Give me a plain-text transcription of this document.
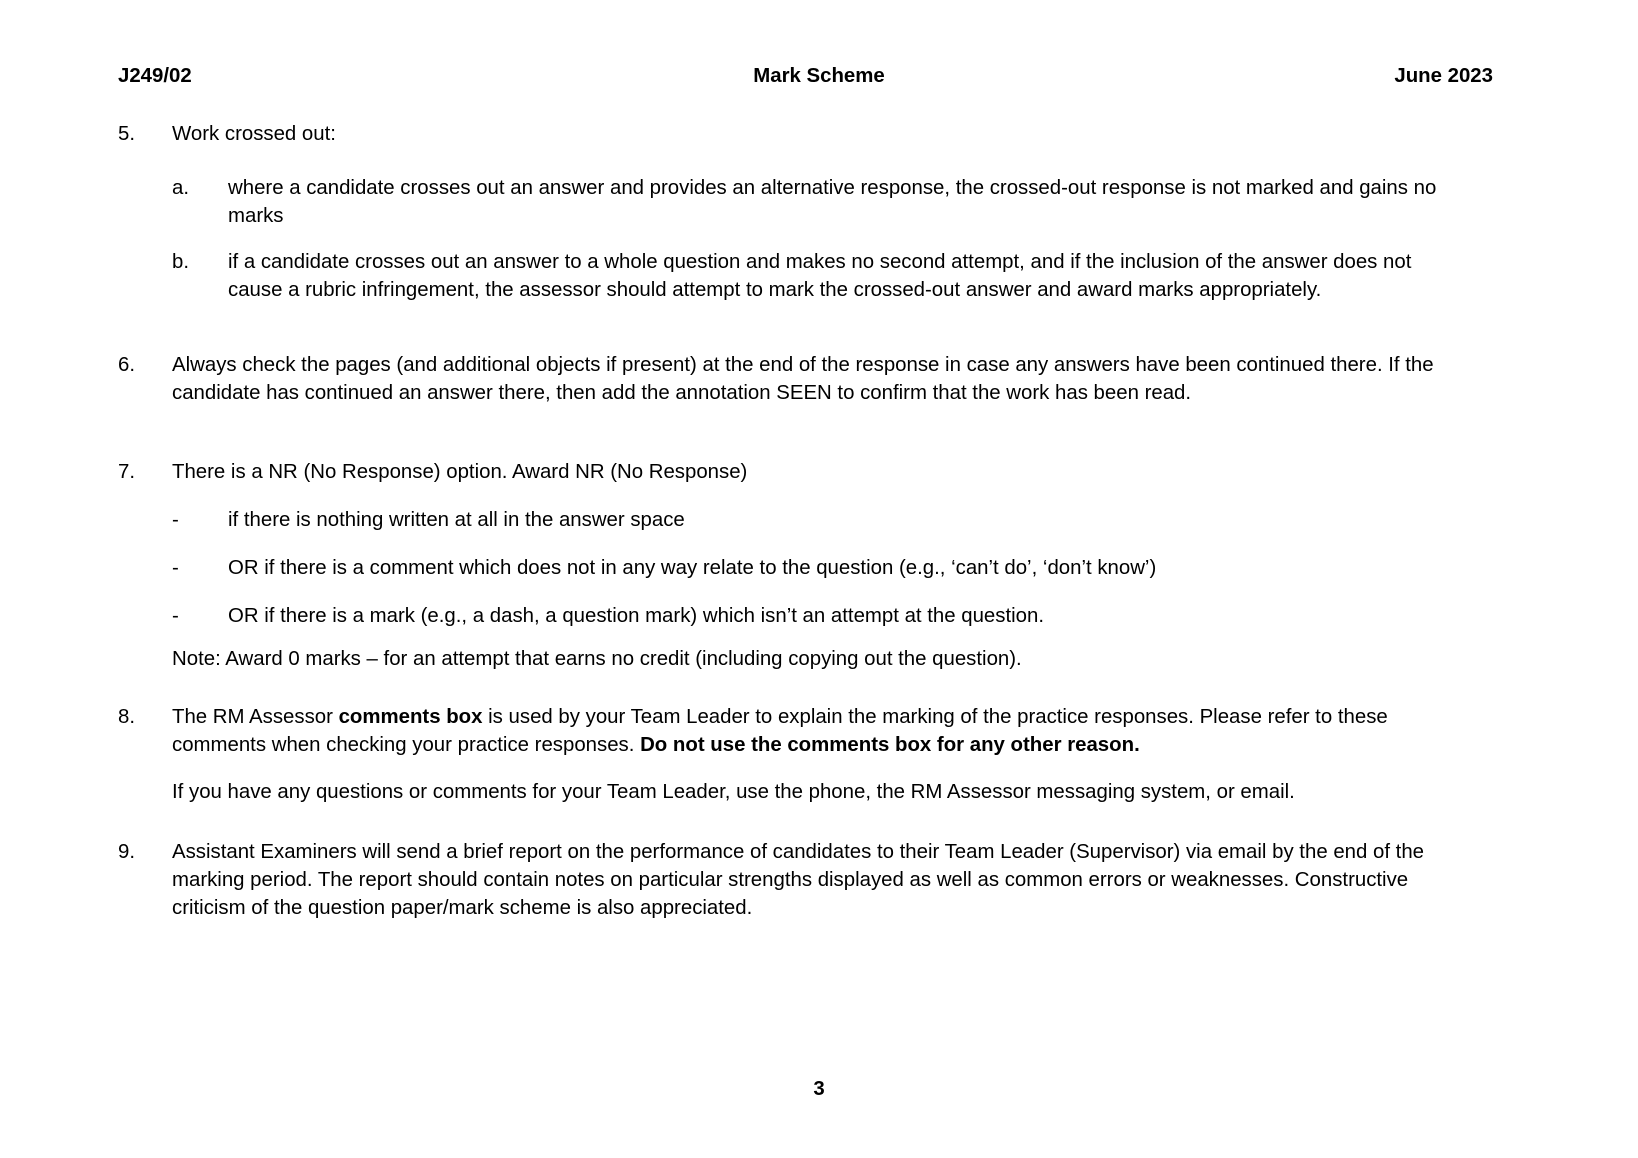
J249/02	June 2023
Mark Scheme
5.	Work crossed out:
a.	where a candidate crosses out an answer and provides an alternative response, the crossed-out response is not marked and gains no marks
b.	if a candidate crosses out an answer to a whole question and makes no second attempt, and if the inclusion of the answer does not cause a rubric infringement, the assessor should attempt to mark the crossed-out answer and award marks appropriately.
6.	Always check the pages (and additional objects if present) at the end of the response in case any answers have been continued there. If the candidate has continued an answer there, then add the annotation SEEN to confirm that the work has been read.
7.	There is a NR (No Response) option. Award NR (No Response)
-	if there is nothing written at all in the answer space
-	OR if there is a comment which does not in any way relate to the question (e.g., ‘can’t do’, ‘don’t know’)
-	OR if there is a mark (e.g., a dash, a question mark) which isn’t an attempt at the question.
Note: Award 0 marks – for an attempt that earns no credit (including copying out the question).
8.	The RM Assessor comments box is used by your Team Leader to explain the marking of the practice responses. Please refer to these comments when checking your practice responses. Do not use the comments box for any other reason.

If you have any questions or comments for your Team Leader, use the phone, the RM Assessor messaging system, or email.

9.	Assistant Examiners will send a brief report on the performance of candidates to their Team Leader (Supervisor) via email by the end of the marking period. The report should contain notes on particular strengths displayed as well as common errors or weaknesses. Constructive criticism of the question paper/mark scheme is also appreciated.
3
